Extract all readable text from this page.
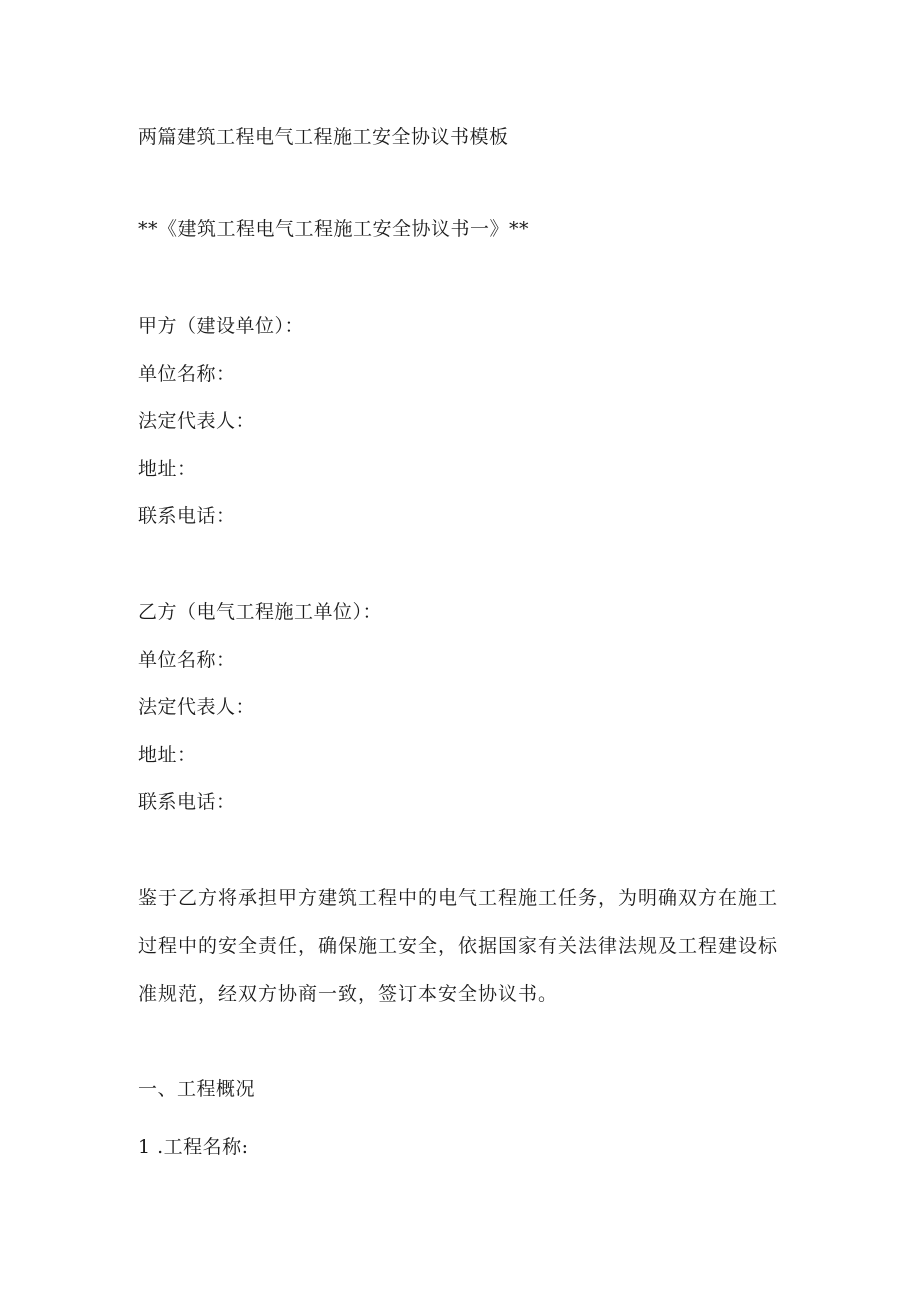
两篇建筑工程电气工程施工安全协议书模板
**《建筑工程电气工程施工安全协议书一》**
甲方（建设单位）：
单位名称：
法定代表人：
地址：
联系电话：
乙方（电气工程施工单位）：
单位名称：
法定代表人：
地址：
联系电话：
鉴于乙方将承担甲方建筑工程中的电气工程施工任务，为明确双方在施工过程中的安全责任，确保施工安全，依据国家有关法律法规及工程建设标准规范，经双方协商一致，签订本安全协议书。
一、工程概况
1 .工程名称:
